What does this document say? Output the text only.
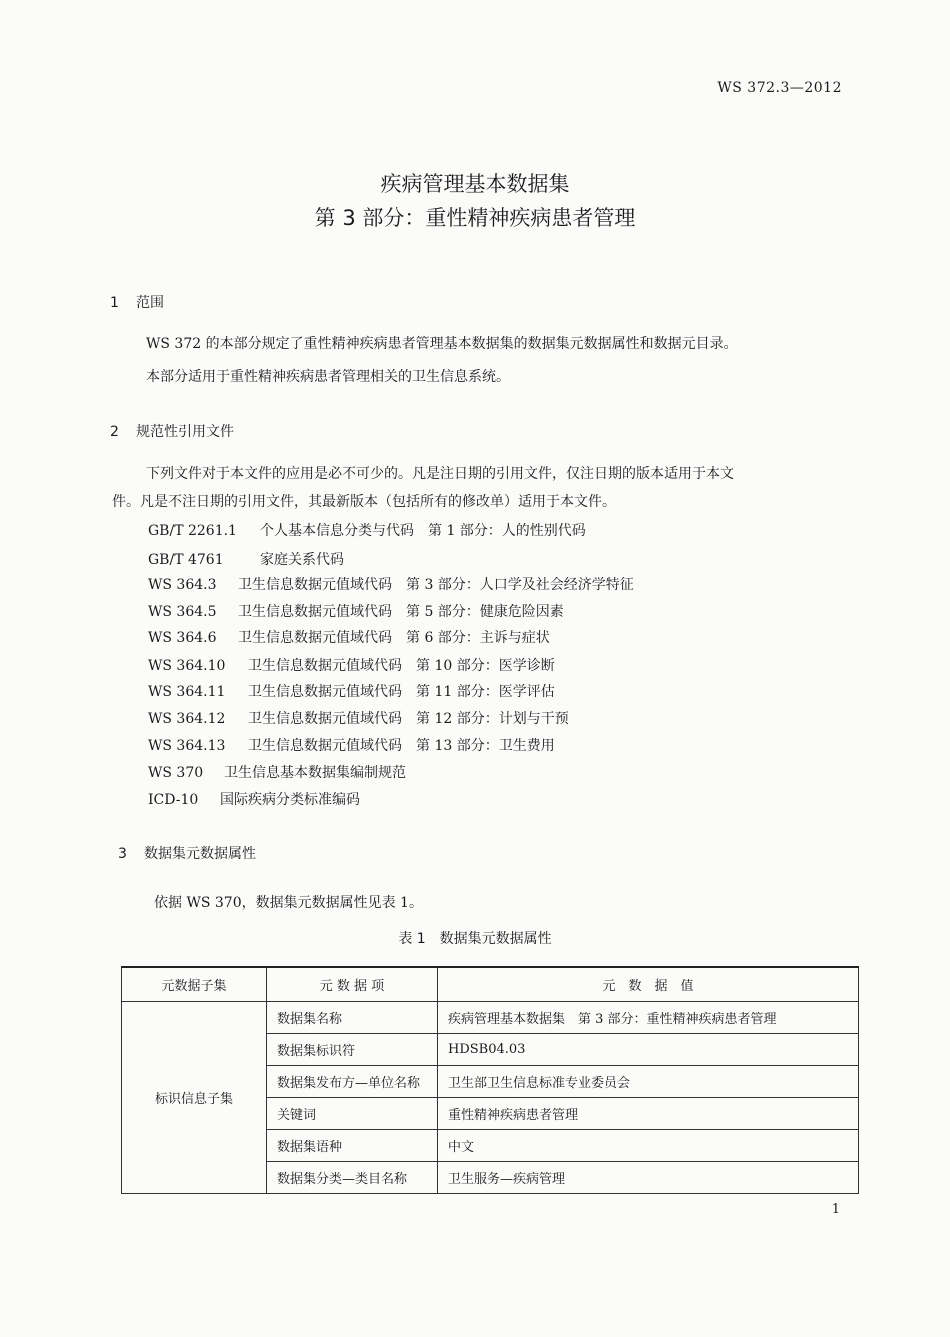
WS 372.3—2012
疾病管理基本数据集
第 3 部分：重性精神疾病患者管理
1 范围
WS 372 的本部分规定了重性精神疾病患者管理基本数据集的数据集元数据属性和数据元目录。
本部分适用于重性精神疾病患者管理相关的卫生信息系统。
2 规范性引用文件
下列文件对于本文件的应用是必不可少的。凡是注日期的引用文件，仅注日期的版本适用于本文
件。凡是不注日期的引用文件，其最新版本（包括所有的修改单）适用于本文件。
GB/T 2261.1 个人基本信息分类与代码　第 1 部分：人的性别代码
GB/T 4761	家庭关系代码
WS 364.3 卫生信息数据元值域代码　第 3 部分：人口学及社会经济学特征
WS 364.5 卫生信息数据元值域代码　第 5 部分：健康危险因素
WS 364.6 卫生信息数据元值域代码　第 6 部分：主诉与症状
WS 364.10 卫生信息数据元值域代码　第 10 部分：医学诊断
WS 364.11 卫生信息数据元值域代码　第 11 部分：医学评估
WS 364.12 卫生信息数据元值域代码　第 12 部分：计划与干预
WS 364.13 卫生信息数据元值域代码　第 13 部分：卫生费用
WS 370 卫生信息基本数据集编制规范
ICD-10 国际疾病分类标准编码
3 数据集元数据属性
依据 WS 370，数据集元数据属性见表 1。
表 1　数据集元数据属性
元数据子集	元 数 据 项	元　数　据　值
标识信息子集	数据集名称	疾病管理基本数据集　第 3 部分：重性精神疾病患者管理
	数据集标识符	HDSB04.03
	数据集发布方—单位名称	卫生部卫生信息标准专业委员会
	关键词	重性精神疾病患者管理
	数据集语种	中文
	数据集分类—类目名称	卫生服务—疾病管理
1
